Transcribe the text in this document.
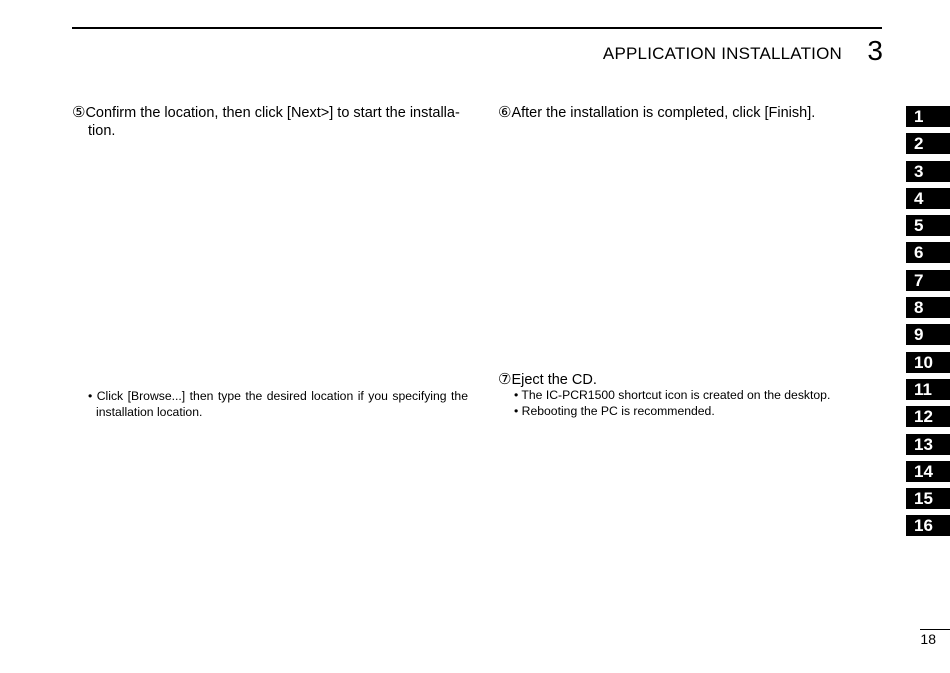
APPLICATION INSTALLATION 3
⑤Confirm the location, then click [Next>] to start the installa-
tion.
• Click [Browse...] then type the desired location if you specifying the installation location.
⑥After the installation is completed, click [Finish].
⑦Eject the CD.
• The IC-PCR1500 shortcut icon is created on the desktop.
• Rebooting the PC is recommended.
1
2
3
4
5
6
7
8
9
10
11
12
13
14
15
16
18
